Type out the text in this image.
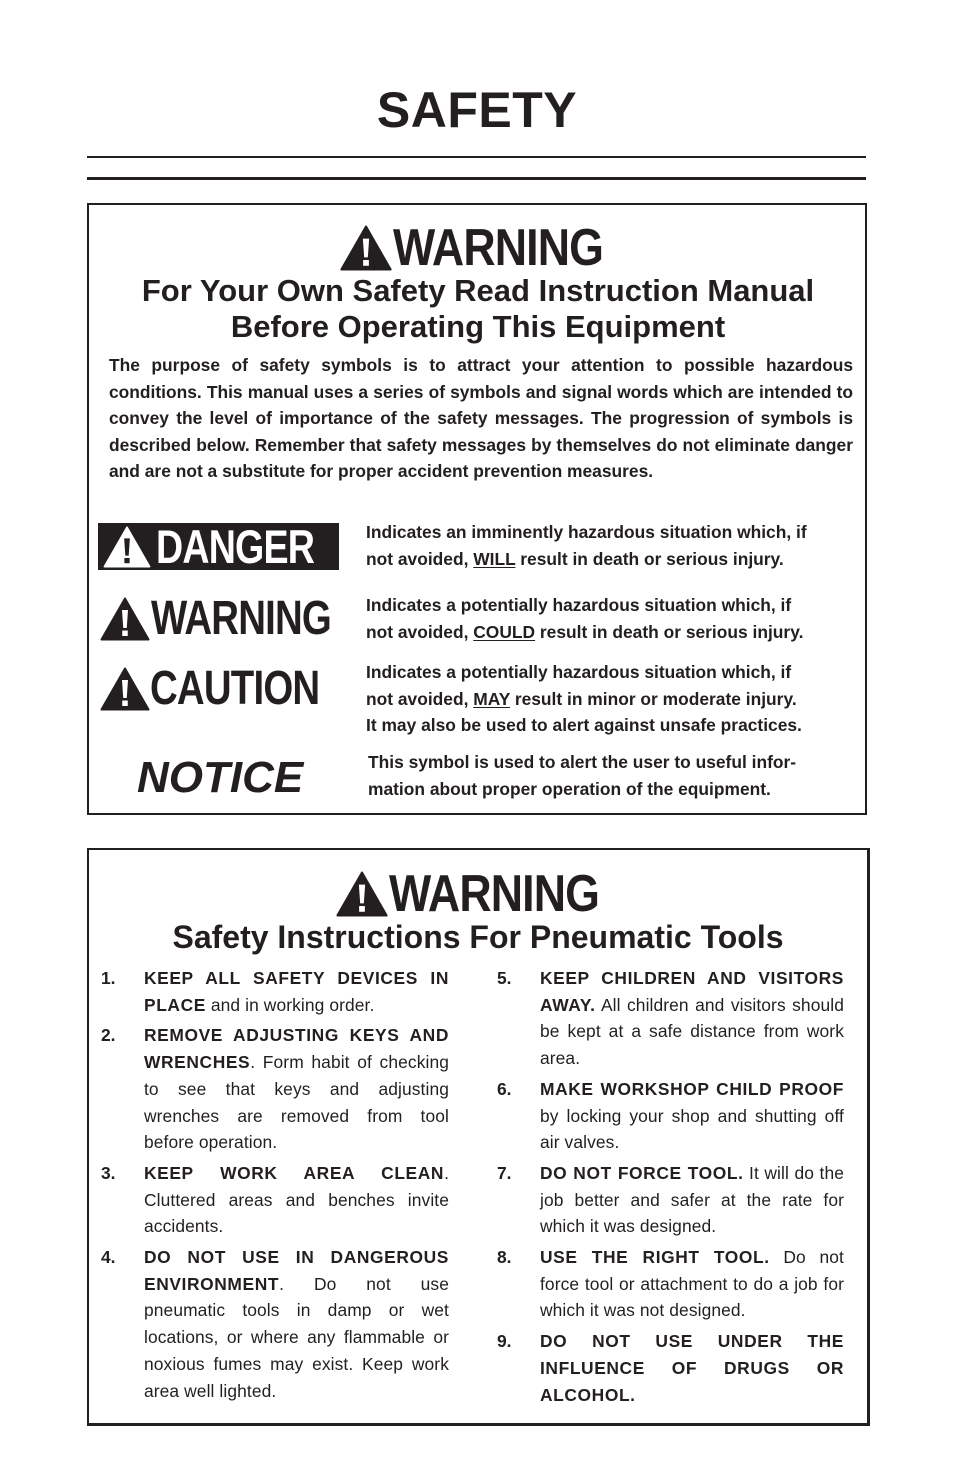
SAFETY
WARNING
For Your Own Safety Read Instruction Manual
Before Operating This Equipment
The purpose of safety symbols is to attract your attention to possible hazardous conditions. This manual uses a series of symbols and signal words which are intended to convey the level of importance of the safety messages. The progression of symbols is described below. Remember that safety messages by themselves do not eliminate danger and are not a substitute for proper accident prevention measures.
DANGER	Indicates an imminently hazardous situation which, if
not avoided, WILL result in death or serious injury.
WARNING Indicates a potentially hazardous situation which, if
not avoided, COULD result in death or serious injury.
CAUTION	Indicates a potentially hazardous situation which, if
not avoided, MAY result in minor or moderate injury.
It may also be used to alert against unsafe practices.
NOTICE	This symbol is used to alert the user to useful infor-
mation about proper operation of the equipment.
WARNING
Safety Instructions For Pneumatic Tools
1. KEEP ALL SAFETY DEVICES IN PLACE and in working order.
2. REMOVE ADJUSTING KEYS AND WRENCHES. Form habit of checking to see that keys and adjusting wrenches are removed from tool before operation.
3. KEEP WORK AREA CLEAN. Cluttered areas and benches invite accidents.
4. DO NOT USE IN DANGEROUS ENVIRONMENT. Do not use pneumatic tools in damp or wet locations, or where any flammable or noxious fumes may exist. Keep work area well lighted.
5. KEEP CHILDREN AND VISITORS AWAY. All children and visitors should be kept at a safe distance from work area.
6. MAKE WORKSHOP CHILD PROOF by locking your shop and shutting off air valves.
7. DO NOT FORCE TOOL. It will do the job better and safer at the rate for which it was designed.
8. USE THE RIGHT TOOL. Do not force tool or attachment to do a job for which it was not designed.
9. DO NOT USE UNDER THE INFLUENCE OF DRUGS OR ALCOHOL.
